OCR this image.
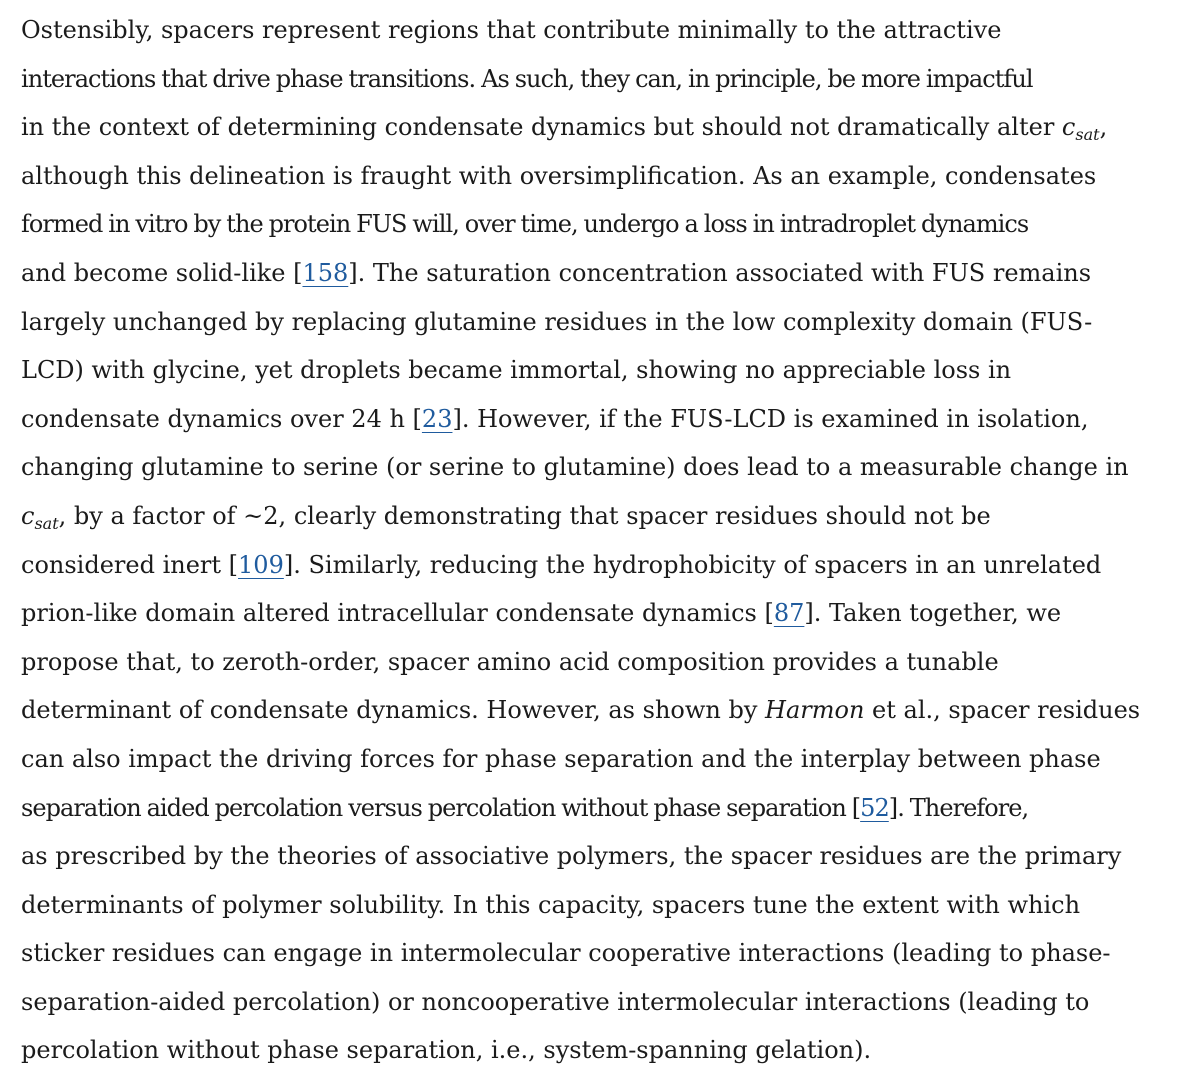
Ostensibly, spacers represent regions that contribute minimally to the attractive
interactions that drive phase transitions. As such, they can, in principle, be more impactful
in the context of determining condensate dynamics but should not dramatically alter $c_{sat}$,
although this delineation is fraught with oversimplification. As an example, condensates
formed in vitro by the protein FUS will, over time, undergo a loss in intradroplet dynamics
and become solid-like [158]. The saturation concentration associated with FUS remains
largely unchanged by replacing glutamine residues in the low complexity domain (FUS-
LCD) with glycine, yet droplets became immortal, showing no appreciable loss in
condensate dynamics over 24 h [23]. However, if the FUS-LCD is examined in isolation,
changing glutamine to serine (or serine to glutamine) does lead to a measurable change in
$c_{sat}$, by a factor of ~2, clearly demonstrating that spacer residues should not be
considered inert [109]. Similarly, reducing the hydrophobicity of spacers in an unrelated
prion-like domain altered intracellular condensate dynamics [87]. Taken together, we
propose that, to zeroth-order, spacer amino acid composition provides a tunable
determinant of condensate dynamics. However, as shown by Harmon et al., spacer residues
can also impact the driving forces for phase separation and the interplay between phase
separation aided percolation versus percolation without phase separation [52]. Therefore,
as prescribed by the theories of associative polymers, the spacer residues are the primary
determinants of polymer solubility. In this capacity, spacers tune the extent with which
sticker residues can engage in intermolecular cooperative interactions (leading to phase-
separation-aided percolation) or noncooperative intermolecular interactions (leading to
percolation without phase separation, i.e., system-spanning gelation).
